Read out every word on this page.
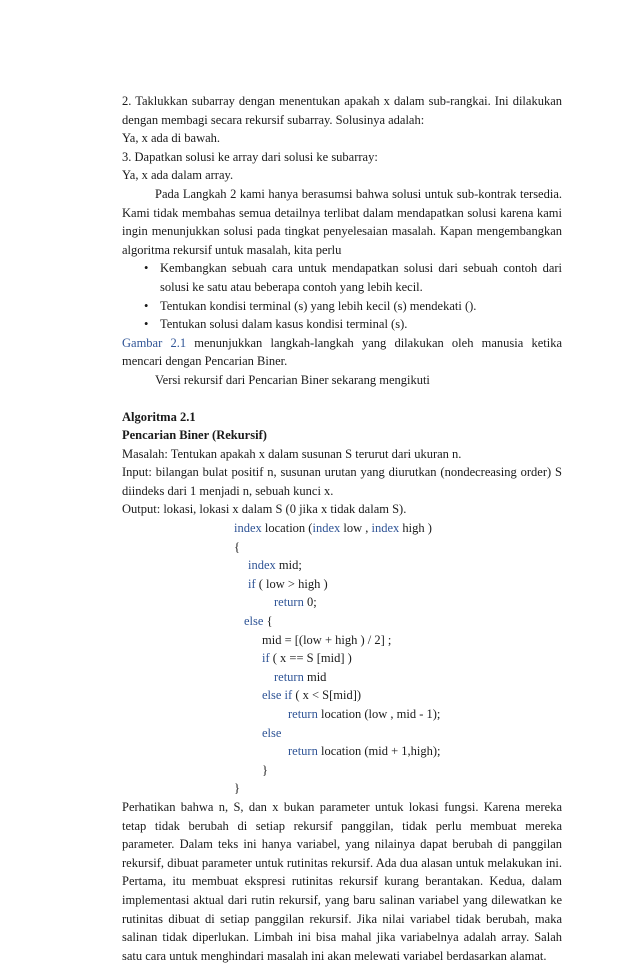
2. Taklukkan subarray dengan menentukan apakah x dalam sub-rangkai. Ini dilakukan dengan membagi secara rekursif subarray. Solusinya adalah:

Ya, x ada di bawah.

3. Dapatkan solusi ke array dari solusi ke subarray:

Ya, x ada dalam array.

Pada Langkah 2 kami hanya berasumsi bahwa solusi untuk sub-kontrak tersedia. Kami tidak membahas semua detailnya terlibat dalam mendapatkan solusi karena kami ingin menunjukkan solusi pada tingkat penyelesaian masalah. Kapan mengembangkan algoritma rekursif untuk masalah, kita perlu

• Kembangkan sebuah cara untuk mendapatkan solusi dari sebuah contoh dari solusi ke satu atau beberapa contoh yang lebih kecil.
• Tentukan kondisi terminal (s) yang lebih kecil (s) mendekati ().
• Tentukan solusi dalam kasus kondisi terminal (s).

Gambar 2.1 menunjukkan langkah-langkah yang dilakukan oleh manusia ketika mencari dengan Pencarian Biner.

Versi rekursif dari Pencarian Biner sekarang mengikuti

Algoritma 2.1

Pencarian Biner (Rekursif)

Masalah: Tentukan apakah x dalam susunan S terurut dari ukuran n.

Input: bilangan bulat positif n, susunan urutan yang diurutkan (nondecreasing order) S diindeks dari 1 menjadi n, sebuah kunci x.

Output: lokasi, lokasi x dalam S (0 jika x tidak dalam S).

index location (index low , index high )
{
index mid;
if ( low > high )
return 0;
else {
mid = [(low + high ) / 2] ;
if ( x == S [mid] )
return mid
else if ( x < S[mid])
return location (low , mid - 1);
else
return location (mid + 1,high);
}
}

Perhatikan bahwa n, S, dan x bukan parameter untuk lokasi fungsi. Karena mereka tetap tidak berubah di setiap rekursif panggilan, tidak perlu membuat mereka parameter. Dalam teks ini hanya variabel, yang nilainya dapat berubah di panggilan rekursif, dibuat parameter untuk rutinitas rekursif. Ada dua alasan untuk melakukan ini. Pertama, itu membuat ekspresi rutinitas rekursif kurang berantakan. Kedua, dalam implementasi aktual dari rutin rekursif, yang baru salinan variabel yang dilewatkan ke rutinitas dibuat di setiap panggilan rekursif. Jika nilai variabel tidak berubah, maka salinan tidak diperlukan. Limbah ini bisa mahal jika variabelnya adalah array. Salah satu cara untuk menghindari masalah ini akan melewati variabel berdasarkan alamat.
